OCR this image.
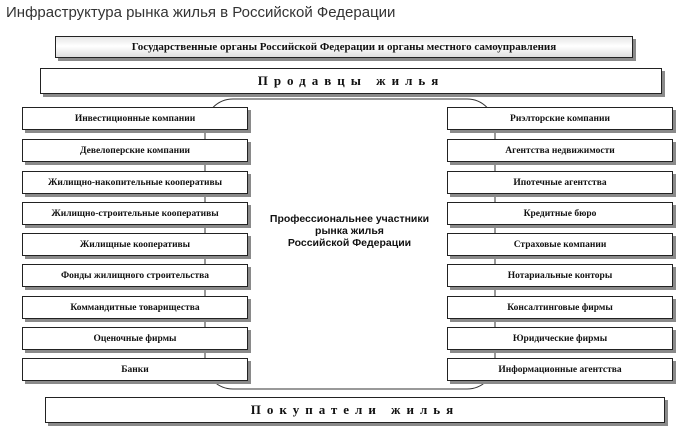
Инфраструктура рынка жилья в Российской Федерации
Государственные органы Российской Федерации и органы местного самоуправления
Продавцы жилья
Инвестиционные компании
Девелоперские компании
Жилищно-накопительные кооперативы
Жилищно-строительные кооперативы
Жилищные кооперативы
Фонды жилищного строительства
Коммандитные товарищества
Оценочные фирмы
Банки
Риэлторские компании
Агентства недвижимости
Ипотечные агентства
Кредитные бюро
Страховые компании
Нотариальные конторы
Консалтинговые фирмы
Юридические фирмы
Информационные агентства
Профессиональнее участники
рынка жилья
Российской Федерации
Покупатели жилья
